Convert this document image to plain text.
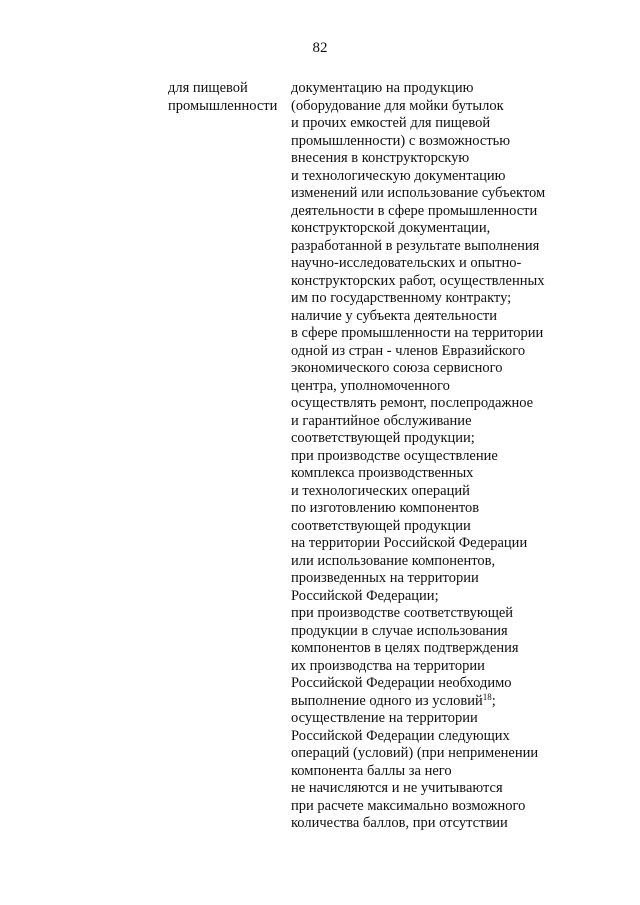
82
для пищевой
промышленности
документацию на продукцию
(оборудование для мойки бутылок
и прочих емкостей для пищевой
промышленности) с возможностью
внесения в конструкторскую
и технологическую документацию
изменений или использование субъектом
деятельности в сфере промышленности
конструкторской документации,
разработанной в результате выполнения
научно-исследовательских и опытно-
конструкторских работ, осуществленных
им по государственному контракту;
наличие у субъекта деятельности
в сфере промышленности на территории
одной из стран - членов Евразийского
экономического союза сервисного
центра, уполномоченного
осуществлять ремонт, послепродажное
и гарантийное обслуживание
соответствующей продукции;
при производстве осуществление
комплекса производственных
и технологических операций
по изготовлению компонентов
соответствующей продукции
на территории Российской Федерации
или использование компонентов,
произведенных на территории
Российской Федерации;
при производстве соответствующей
продукции в случае использования
компонентов в целях подтверждения
их производства на территории
Российской Федерации необходимо
выполнение одного из условий$^{18}$;
осуществление на территории
Российской Федерации следующих
операций (условий) (при неприменении
компонента баллы за него
не начисляются и не учитываются
при расчете максимально возможного
количества баллов, при отсутствии
